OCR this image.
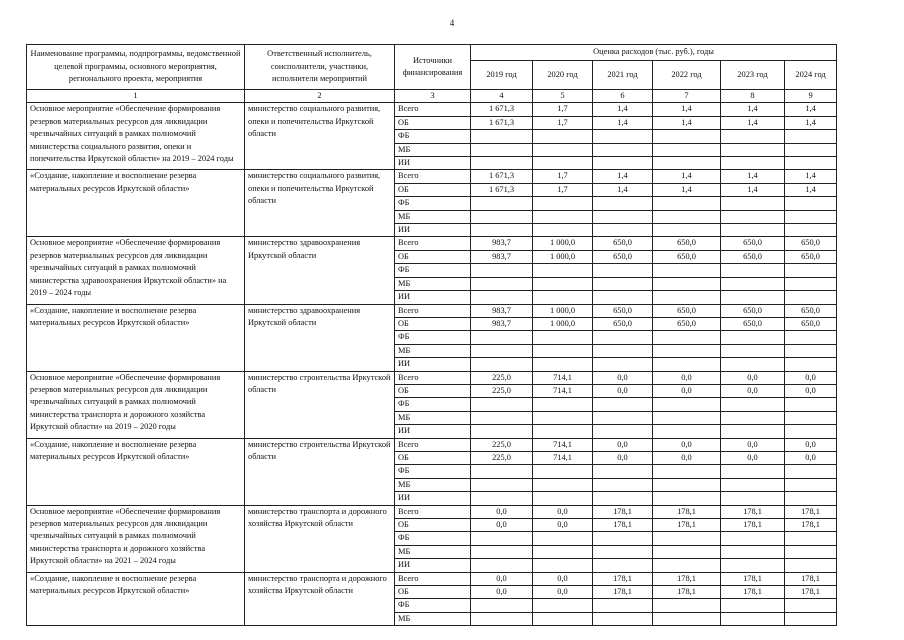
4
Наименование программы, подпрограммы, ведомственной целевой программы, основного мероприятия, регионального проекта, мероприятия	Ответственный исполнитель, соисполнители, участники, исполнители мероприятий	Источники финансирования	Оценка расходов (тыс. руб.), годы					
			2019 год	2020 год	2021 год	2022 год	2023 год	2024 год
1	2	3	4	5	6	7	8	9
Основное мероприятие «Обеспечение формирования резервов материальных ресурсов для ликвидации чрезвычайных ситуаций в рамках полномочий министерства социального развития, опеки и попечительства Иркутской области» на 2019 – 2024 годы	министерство социального развития, опеки и попечительства Иркутской области	Всего	1 671,3	1,7	1,4	1,4	1,4	1,4
		ОБ	1 671,3	1,7	1,4	1,4	1,4	1,4
		ФБ						
		МБ						
		ИИ						
«Создание, накопление и восполнение резерва материальных ресурсов Иркутской области»	министерство социального развития, опеки и попечительства Иркутской области	Всего	1 671,3	1,7	1,4	1,4	1,4	1,4
		ОБ	1 671,3	1,7	1,4	1,4	1,4	1,4
		ФБ						
		МБ						
		ИИ						
Основное мероприятие «Обеспечение формирования резервов материальных ресурсов для ликвидации чрезвычайных ситуаций в рамках полномочий министерства здравоохранения Иркутской области» на 2019 – 2024 годы	министерство здравоохранения Иркутской области	Всего	983,7	1 000,0	650,0	650,0	650,0	650,0
		ОБ	983,7	1 000,0	650,0	650,0	650,0	650,0
		ФБ						
		МБ						
		ИИ						
«Создание, накопление и восполнение резерва материальных ресурсов Иркутской области»	министерство здравоохранения Иркутской области	Всего	983,7	1 000,0	650,0	650,0	650,0	650,0
		ОБ	983,7	1 000,0	650,0	650,0	650,0	650,0
		ФБ						
		МБ						
		ИИ						
Основное мероприятие «Обеспечение формирования резервов материальных ресурсов для ликвидации чрезвычайных ситуаций в рамках полномочий министерства транспорта и дорожного хозяйства Иркутской области» на 2019 – 2020 годы	министерство строительства Иркутской области	Всего	225,0	714,1	0,0	0,0	0,0	0,0
		ОБ	225,0	714,1	0,0	0,0	0,0	0,0
		ФБ						
		МБ						
		ИИ						
«Создание, накопление и восполнение резерва материальных ресурсов Иркутской области»	министерство строительства Иркутской области	Всего	225,0	714,1	0,0	0,0	0,0	0,0
		ОБ	225,0	714,1	0,0	0,0	0,0	0,0
		ФБ						
		МБ						
		ИИ						
Основное мероприятие «Обеспечение формирования резервов материальных ресурсов для ликвидации чрезвычайных ситуаций в рамках полномочий министерства транспорта и дорожного хозяйства Иркутской области» на 2021 – 2024 годы	министерство транспорта и дорожного хозяйства Иркутской области	Всего	0,0	0,0	178,1	178,1	178,1	178,1
		ОБ	0,0	0,0	178,1	178,1	178,1	178,1
		ФБ						
		МБ						
		ИИ						
«Создание, накопление и восполнение резерва материальных ресурсов Иркутской области»	министерство транспорта и дорожного хозяйства Иркутской области	Всего	0,0	0,0	178,1	178,1	178,1	178,1
		ОБ	0,0	0,0	178,1	178,1	178,1	178,1
		ФБ						
		МБ						
